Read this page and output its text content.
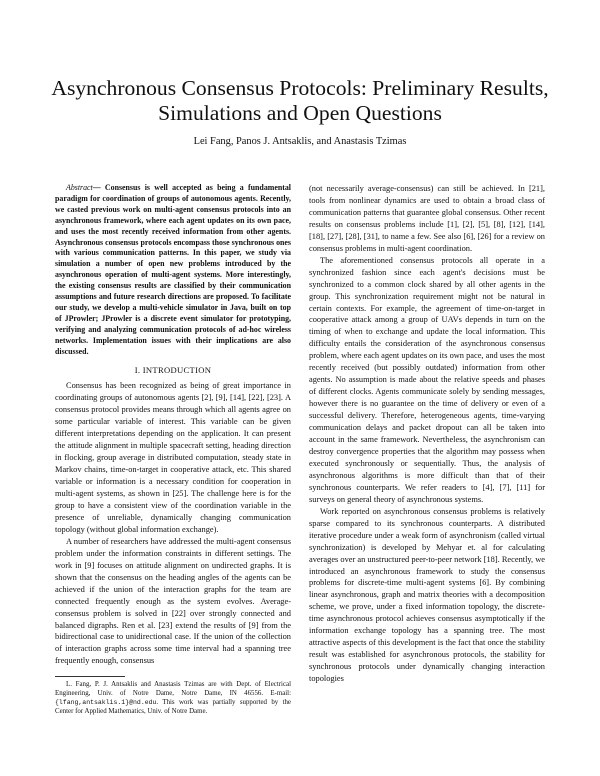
Asynchronous Consensus Protocols: Preliminary Results,
Simulations and Open Questions
Lei Fang, Panos J. Antsaklis, and Anastasis Tzimas

Abstract— Consensus is well accepted as being a fundamental paradigm for coordination of groups of autonomous agents. Recently, we casted previous work on multi-agent consensus protocols into an asynchronous framework, where each agent updates on its own pace, and uses the most recently received information from other agents. Asynchronous consensus protocols encompass those synchronous ones with various communication patterns. In this paper, we study via simulation a number of open new problems introduced by the asynchronous operation of multi-agent systems. More interestingly, the existing consensus results are classified by their communication assumptions and future research directions are proposed. To facilitate our study, we develop a multi-vehicle simulator in Java, built on top of JProwler; JProwler is a discrete event simulator for prototyping, verifying and analyzing communication protocols of ad-hoc wireless networks. Implementation issues with their implications are also discussed.

I. INTRODUCTION

Consensus has been recognized as being of great importance in coordinating groups of autonomous agents [2], [9], [14], [22], [23]. A consensus protocol provides means through which all agents agree on some particular variable of interest. This variable can be given different interpretations depending on the application. It can present the attitude alignment in multiple spacecraft setting, heading direction in flocking, group average in distributed computation, steady state in Markov chains, time-on-target in cooperative attack, etc. This shared variable or information is a necessary condition for cooperation in multi-agent systems, as shown in [25]. The challenge here is for the group to have a consistent view of the coordination variable in the presence of unreliable, dynamically changing communication topology (without global information exchange).

A number of researchers have addressed the multi-agent consensus problem under the information constraints in different settings. The work in [9] focuses on attitude alignment on undirected graphs. It is shown that the consensus on the heading angles of the agents can be achieved if the union of the interaction graphs for the team are connected frequently enough as the system evolves. Average-consensus problem is solved in [22] over strongly connected and balanced digraphs. Ren et al. [23] extend the results of [9] from the bidirectional case to unidirectional case. If the union of the collection of interaction graphs across some time interval had a spanning tree frequently enough, consensus

L. Fang, P. J. Antsaklis and Anastasis Tzimas are with Dept. of Electrical Engineering, Univ. of Notre Dame, Notre Dame, IN 46556. E-mail: {lfang,antsaklis.1}@nd.edu. This work was partially supported by the Center for Applied Mathematics, Univ. of Notre Dame.

(not necessarily average-consensus) can still be achieved. In [21], tools from nonlinear dynamics are used to obtain a broad class of communication patterns that guarantee global consensus. Other recent results on consensus problems include [1], [2], [5], [8], [12], [14], [18], [27], [28], [31], to name a few. See also [6], [26] for a review on consensus problems in multi-agent coordination.

The aforementioned consensus protocols all operate in a synchronized fashion since each agent's decisions must be synchronized to a common clock shared by all other agents in the group. This synchronization requirement might not be natural in certain contexts. For example, the agreement of time-on-target in cooperative attack among a group of UAVs depends in turn on the timing of when to exchange and update the local information. This difficulty entails the consideration of the asynchronous consensus problem, where each agent updates on its own pace, and uses the most recently received (but possibly outdated) information from other agents. No assumption is made about the relative speeds and phases of different clocks. Agents communicate solely by sending messages, however there is no guarantee on the time of delivery or even of a successful delivery. Therefore, heterogeneous agents, time-varying communication delays and packet dropout can all be taken into account in the same framework. Nevertheless, the asynchronism can destroy convergence properties that the algorithm may possess when executed synchronously or sequentially. Thus, the analysis of asynchronous algorithms is more difficult than that of their synchronous counterparts. We refer readers to [4], [7], [11] for surveys on general theory of asynchronous systems.

Work reported on asynchronous consensus problems is relatively sparse compared to its synchronous counterparts. A distributed iterative procedure under a weak form of asynchronism (called virtual synchronization) is developed by Mehyar et. al for calculating averages over an unstructured peer-to-peer network [18]. Recently, we introduced an asynchronous framework to study the consensus problems for discrete-time multi-agent systems [6]. By combining linear asynchronous, graph and matrix theories with a decomposition scheme, we prove, under a fixed information topology, the discrete-time asynchronous protocol achieves consensus asymptotically if the information exchange topology has a spanning tree. The most attractive aspects of this development is the fact that once the stability result was established for asynchronous protocols, the stability for synchronous protocols under dynamically changing interaction topologies
